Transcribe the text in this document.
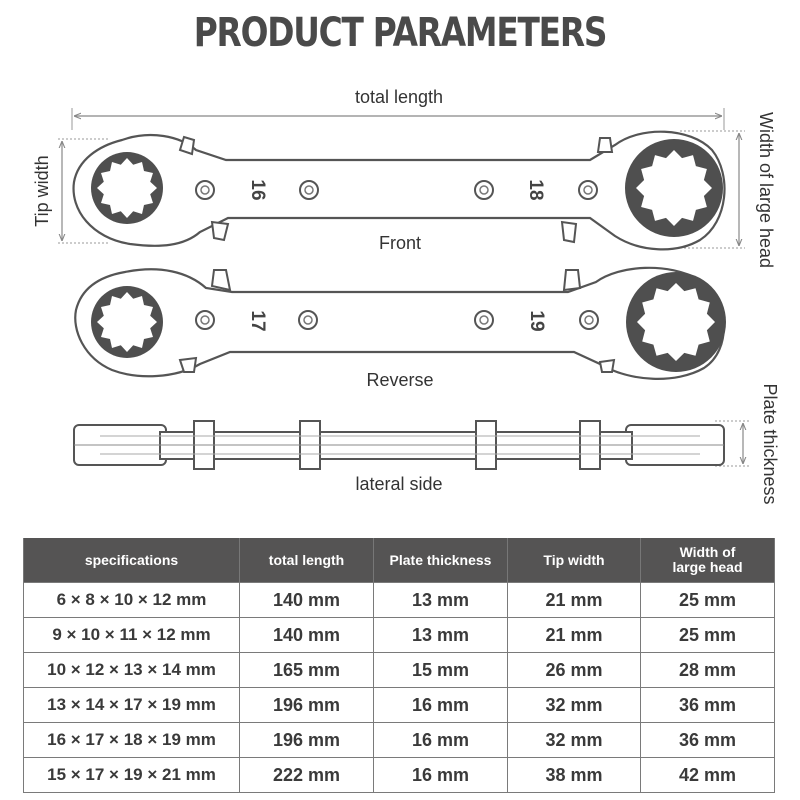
PRODUCT PARAMETERS
total length
Tip width	Width of large head
Plate thickness
16	18
Front
17	19
Reverse
lateral side
specifications	total length	Plate thickness	Tip width	Width of
large head
6 × 8 × 10 × 12 mm	140 mm	13 mm	21 mm	25 mm
9 × 10 × 11 × 12 mm	140 mm	13 mm	21 mm	25 mm
10 × 12 × 13 × 14 mm	165 mm	15 mm	26 mm	28 mm
13 × 14 × 17 × 19 mm	196 mm	16 mm	32 mm	36 mm
16 × 17 × 18 × 19 mm	196 mm	16 mm	32 mm	36 mm
15 × 17 × 19 × 21 mm	222 mm	16 mm	38 mm	42 mm
